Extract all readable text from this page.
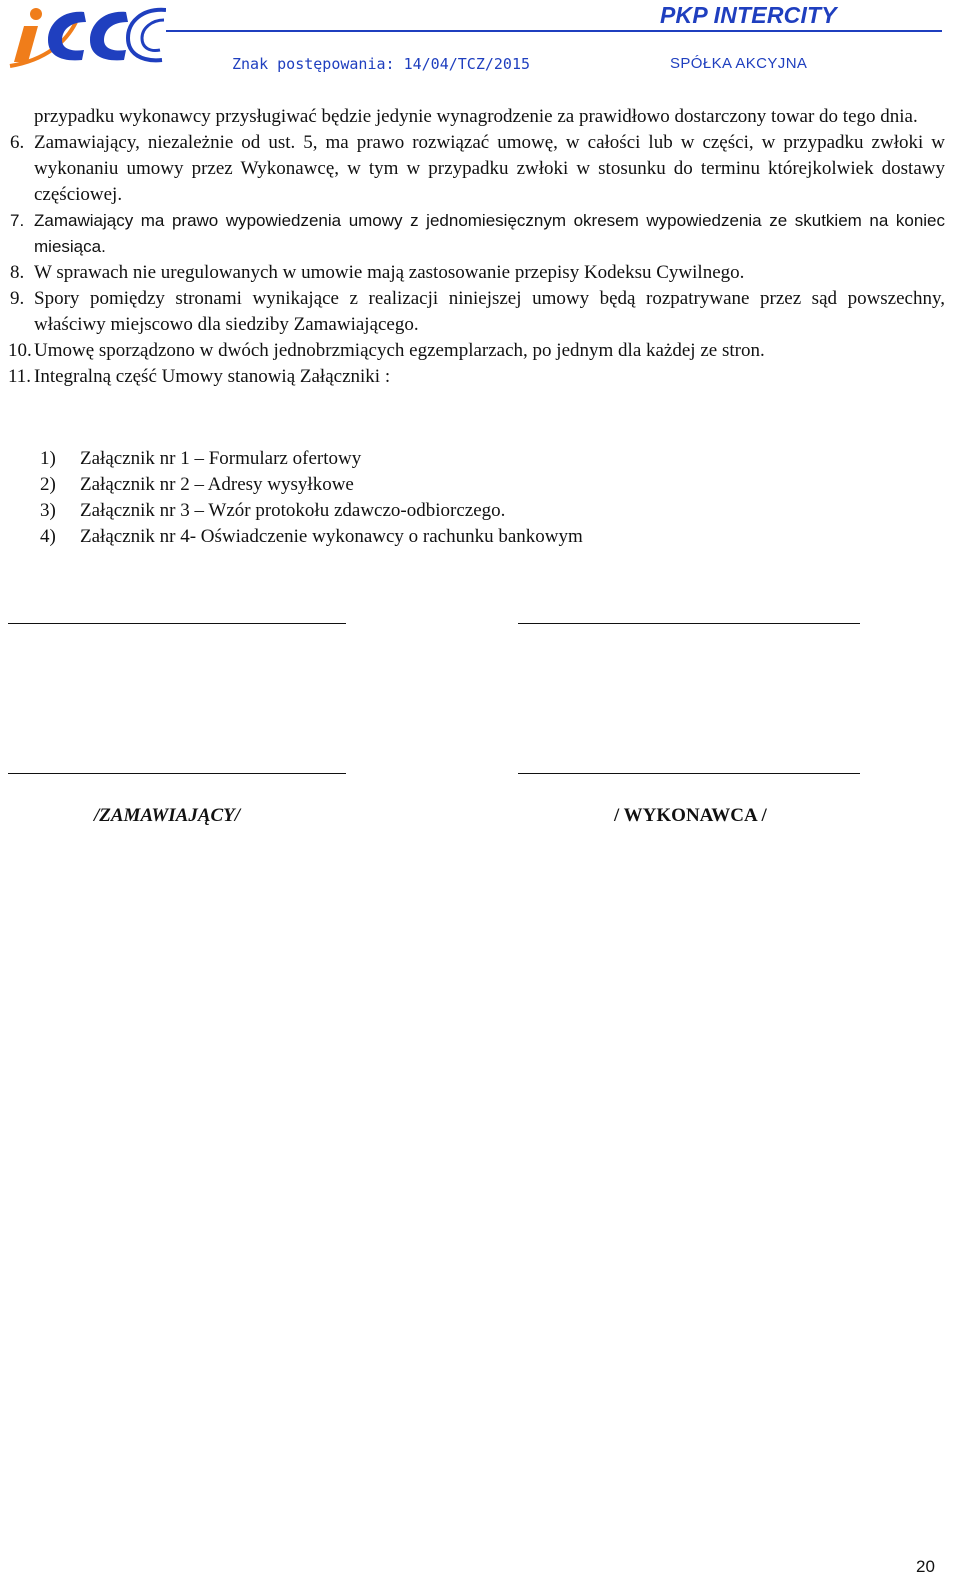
PKP INTERCITY
Znak postępowania: 14/04/TCZ/2015	SPÓŁKA AKCYJNA

przypadku wykonawcy przysługiwać będzie jedynie wynagrodzenie za prawidłowo dostarczony towar do tego dnia.

6. Zamawiający, niezależnie od ust. 5, ma prawo rozwiązać umowę, w całości lub w części, w przypadku zwłoki w wykonaniu umowy przez Wykonawcę, w tym w przypadku zwłoki w stosunku do terminu którejkolwiek dostawy częściowej.

7. Zamawiający ma prawo wypowiedzenia umowy z jednomiesięcznym okresem wypowiedzenia ze skutkiem na koniec miesiąca.

8. W sprawach nie uregulowanych w umowie mają zastosowanie przepisy Kodeksu Cywilnego.

9. Spory pomiędzy stronami wynikające z realizacji niniejszej umowy będą rozpatrywane przez sąd powszechny, właściwy miejscowo dla siedziby Zamawiającego.

10. Umowę sporządzono w dwóch jednobrzmiących egzemplarzach, po jednym dla każdej ze stron.

11. Integralną część Umowy stanowią Załączniki :

1) Załącznik nr 1 – Formularz ofertowy
2) Załącznik nr 2 – Adresy wysyłkowe
3) Załącznik nr 3 – Wzór protokołu zdawczo-odbiorczego.
4) Załącznik nr 4- Oświadczenie wykonawcy o rachunku bankowym
/ZAMAWIAJĄCY/	/ WYKONAWCA /
20
